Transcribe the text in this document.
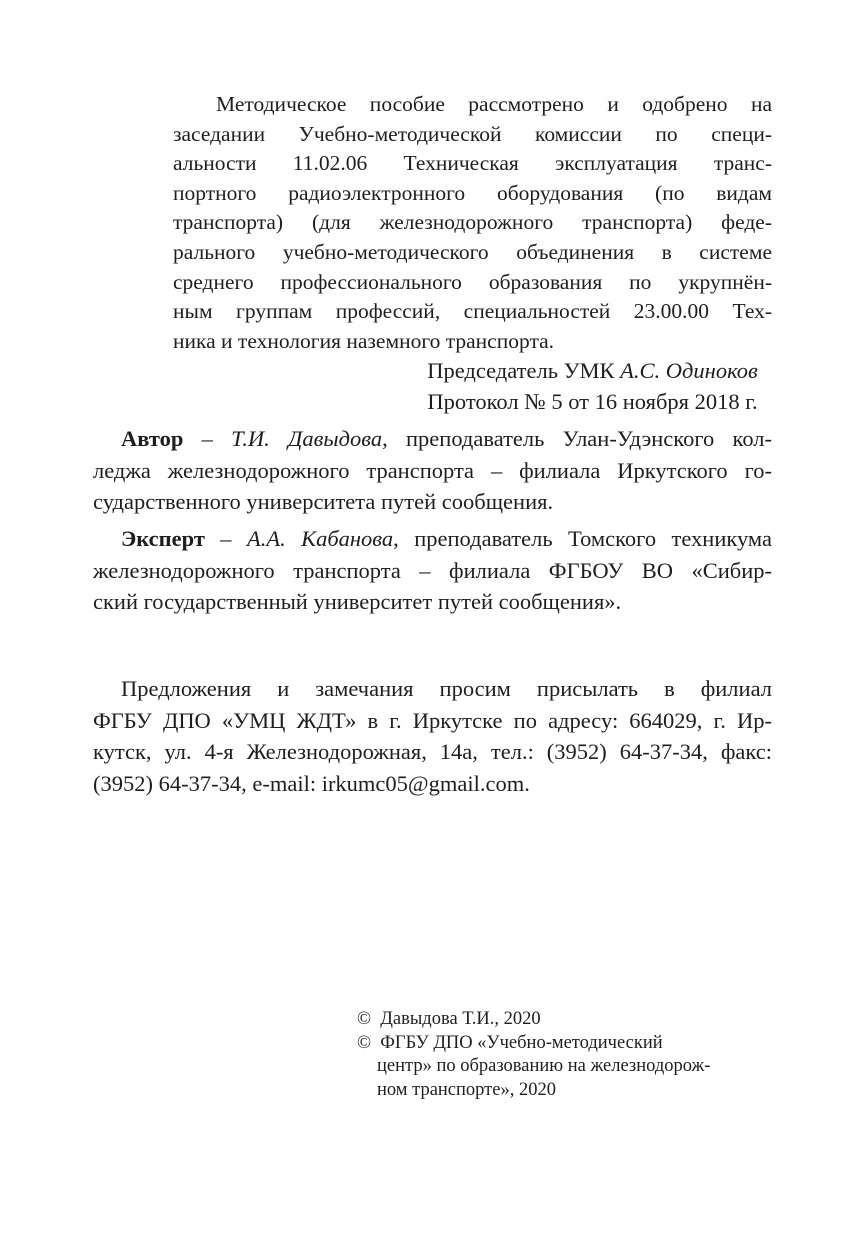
Методическое пособие рассмотрено и одобрено на
заседании Учебно-методической комиссии по специ-
альности 11.02.06 Техническая эксплуатация транс-
портного радиоэлектронного оборудования (по видам
транспорта) (для железнодорожного транспорта) феде-
рального учебно-методического объединения в системе
среднего профессионального образования по укрупнён-
ным группам профессий, специальностей 23.00.00 Тех-
ника и технология наземного транспорта.
Председатель УМК А.С. Одиноков
Протокол № 5 от 16 ноября 2018 г.
Автор – Т.И. Давыдова, преподаватель Улан-Удэнского кол-
леджа железнодорожного транспорта – филиала Иркутского го-
сударственного университета путей сообщения.
Эксперт – А.А. Кабанова, преподаватель Томского техникума
железнодорожного транспорта – филиала ФГБОУ ВО «Сибир-
ский государственный университет путей сообщения».
Предложения и замечания просим присылать в филиал
ФГБУ ДПО «УМЦ ЖДТ» в г. Иркутске по адресу: 664029, г. Ир-
кутск, ул. 4-я Железнодорожная, 14а, тел.: (3952) 64-37-34, факс:
(3952) 64-37-34, e-mail: irkumc05@gmail.com.
©  Давыдова Т.И., 2020
©  ФГБУ ДПО «Учебно-методический
центр» по образованию на железнодорож-
ном транспорте», 2020
